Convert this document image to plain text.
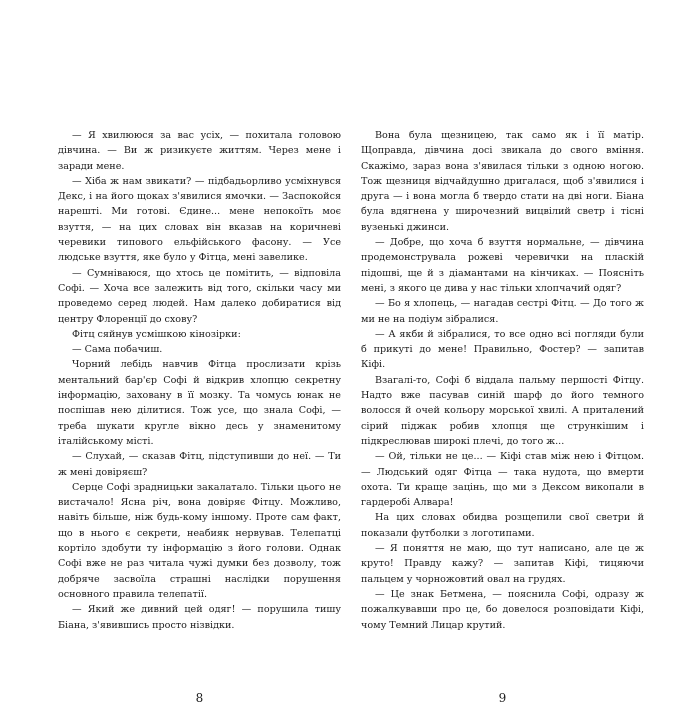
— Я хвилююся за вас усіх, — похитала головою дівчина. — Ви ж ризикуєте життям. Через мене і заради мене.

— Хіба ж нам звикати? — підбадьорливо усміхнувся Декс, і на його щоках з'явилися ямочки. — Заспокойся нарешті. Ми готові. Єдине... мене непокоїть моє взуття, — на цих словах він вказав на коричневі черевики типового ельфійського фасону. — Усе людське взуття, яке було у Фітца, мені завелике.

— Сумніваюся, що хтось це помітить, — відповіла Софі. — Хоча все залежить від того, скільки часу ми проведемо серед людей. Нам далеко добиратися від центру Флоренції до схову?

Фітц сяйнув усмішкою кінозірки:

— Сама побачиш.

Чорний лебідь навчив Фітца прослизати крізь ментальний бар'єр Софі й відкрив хлопцю секретну інформацію, заховану в її мозку. Та чомусь юнак не поспішав нею ділитися. Тож усе, що знала Софі, — треба шукати кругле вікно десь у знаменитому італійському місті.

— Слухай, — сказав Фітц, підступивши до неї. — Ти ж мені довіряєш?

Серце Софі зрадницьки закалатало. Тільки цього не вистачало! Ясна річ, вона довіряє Фітцу. Можливо, навіть більше, ніж будь-кому іншому. Проте сам факт, що в нього є секрети, неабияк нервував. Телепатці кортіло здобути ту інформацію з його голови. Однак Софі вже не раз читала чужі думки без дозволу, тож добряче засвоїла страшні наслідки порушення основного правила телепатії.

— Який же дивний цей одяг! — порушила тишу Біана, з'явившись просто нізвідки.

8

Вона була щезницею, так само як і її матір. Щоправда, дівчина досі звикала до свого вміння. Скажімо, зараз вона з'явилася тільки з одною ногою. Тож щезниця відчайдушно дригалася, щоб з'явилися і друга — і вона могла б твердо стати на дві ноги. Біана була вдягнена у широчезний вицвілий светр і тісні вузенькі джинси.

— Добре, що хоча б взуття нормальне, — дівчина продемонструвала рожеві черевички на пласкій підошві, ще й з діамантами на кінчиках. — Поясніть мені, з якого це дива у нас тільки хлопчачий одяг?

— Бо я хлопець, — нагадав сестрі Фітц. — До того ж ми не на подіум зібралися.

— А якби й зібралися, то все одно всі погляди були б прикуті до мене! Правильно, Фостер? — запитав Кіфі.

Взагалі-то, Софі б віддала пальму першості Фітцу. Надто вже пасував синій шарф до його темного волосся й очей кольору морської хвилі. А приталений сірий піджак робив хлопця ще стрункішим і підкреслював широкі плечі, до того ж...

— Ой, тільки не це... — Кіфі став між нею і Фітцом. — Людський одяг Фітца — така нудота, що вмерти охота. Ти краще зацінь, що ми з Дексом викопали в гардеробі Алвара!

На цих словах обидва розщепили свої светри й показали футболки з логотипами.

— Я поняття не маю, що тут написано, але це ж круто! Правду кажу? — запитав Кіфі, тицяючи пальцем у чорножовтий овал на грудях.

— Це знак Бетмена, — пояснила Софі, одразу ж пожалкувавши про це, бо довелося розповідати Кіфі, чому Темний Лицар крутий.

9
